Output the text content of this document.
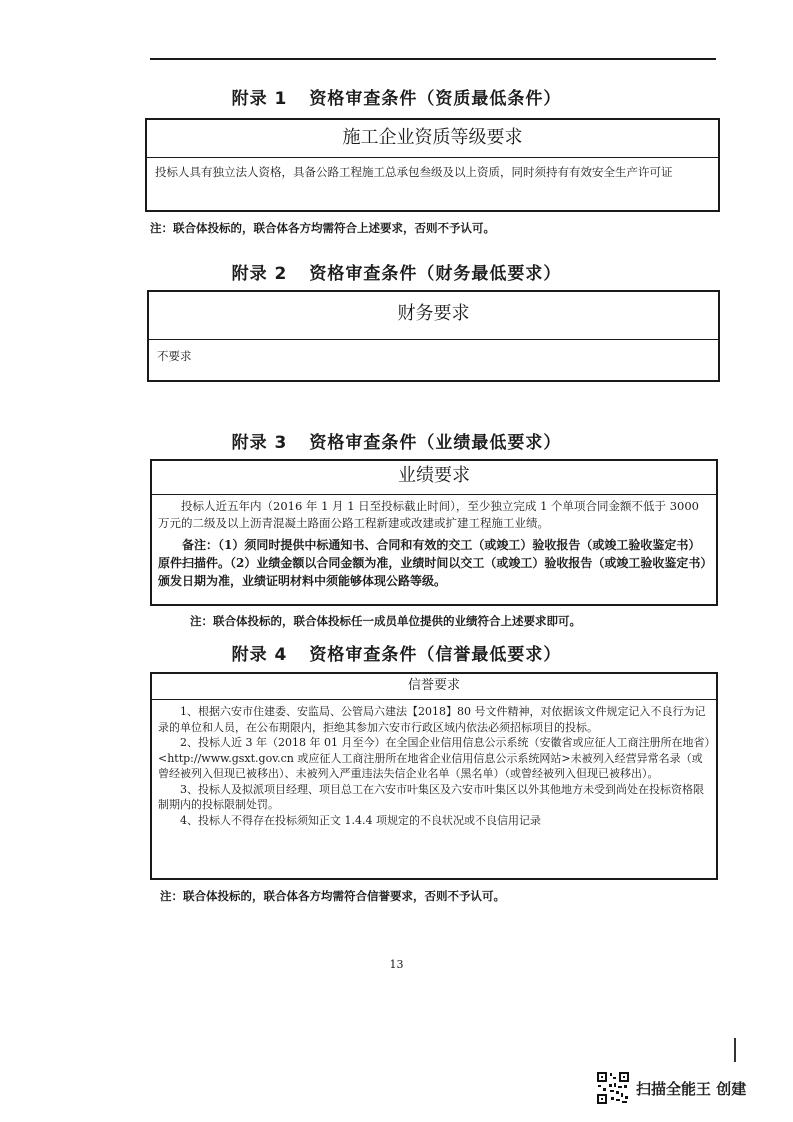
附录 1 资格审查条件（资质最低条件）
施工企业资质等级要求
投标人具有独立法人资格，具备公路工程施工总承包叁级及以上资质，同时须持有有效安全生产许可证
注：联合体投标的，联合体各方均需符合上述要求，否则不予认可。
附录 2 资格审查条件（财务最低要求）
财务要求
不要求
附录 3 资格审查条件（业绩最低要求）
业绩要求

投标人近五年内（2016 年 1 月 1 日至投标截止时间），至少独立完成 1 个单项合同金额不低于 3000 万元的二级及以上沥青混凝土路面公路工程新建或改建或扩建工程施工业绩。

备注：（1）须同时提供中标通知书、合同和有效的交工（或竣工）验收报告（或竣工验收鉴定书）原件扫描件。（2）业绩金额以合同金额为准，业绩时间以交工（或竣工）验收报告（或竣工验收鉴定书）颁发日期为准，业绩证明材料中须能够体现公路等级。

注：联合体投标的，联合体投标任一成员单位提供的业绩符合上述要求即可。
附录 4 资格审查条件（信誉最低要求）
信誉要求

1、根据六安市住建委、安监局、公管局六建法【2018】80 号文件精神，对依据该文件规定记入不良行为记录的单位和人员，在公布期限内，拒绝其参加六安市行政区域内依法必须招标项目的投标。

2、投标人近 3 年（2018 年 01 月至今）在全国企业信用信息公示系统（安徽省或应征人工商注册所在地省）<http://www.gsxt.gov.cn 或应征人工商注册所在地省企业信用信息公示系统网站>未被列入经营异常名录（或曾经被列入但现已被移出）、未被列入严重违法失信企业名单（黑名单）（或曾经被列入但现已被移出）。

3、投标人及拟派项目经理、项目总工在六安市叶集区及六安市叶集区以外其他地方未受到尚处在投标资格限制期内的投标限制处罚。

4、投标人不得存在投标须知正文 1.4.4 项规定的不良状况或不良信用记录

注：联合体投标的，联合体各方均需符合信誉要求，否则不予认可。
13
扫描全能王 创建
